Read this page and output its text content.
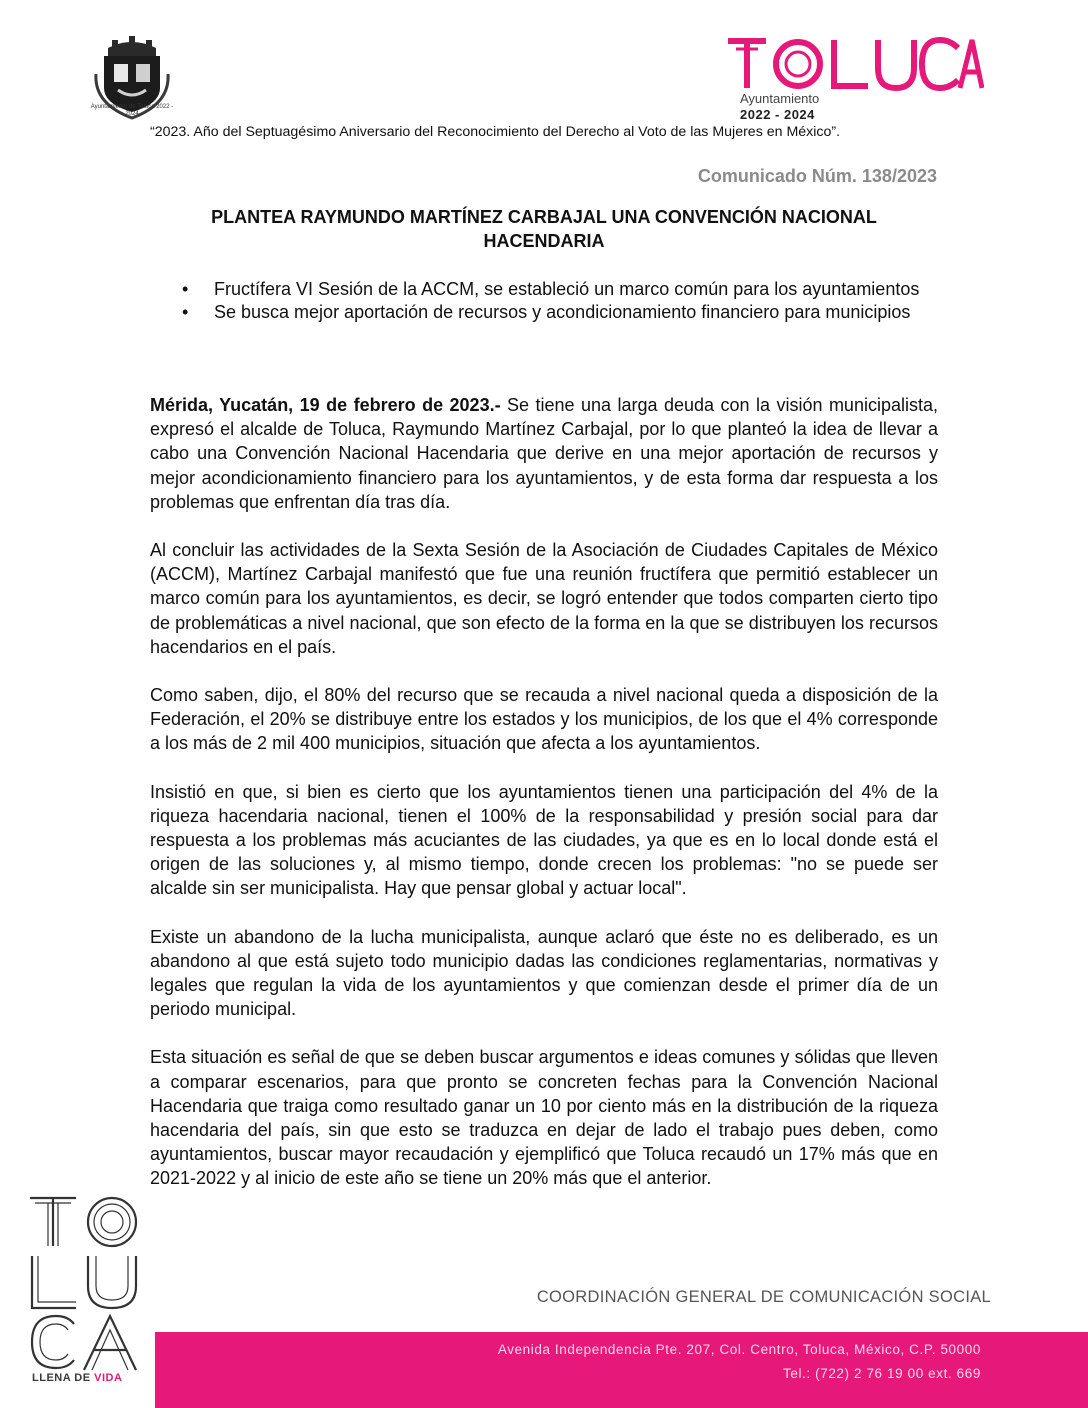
Ayuntamiento de Toluca 2022 - 2024
Ayuntamiento
2022 - 2024
“2023. Año del Septuagésimo Aniversario del Reconocimiento del Derecho al Voto de las Mujeres en México”.
Comunicado Núm. 138/2023
PLANTEA RAYMUNDO MARTÍNEZ CARBAJAL UNA CONVENCIÓN NACIONAL
HACENDARIA
• Fructífera VI Sesión de la ACCM, se estableció un marco común para los ayuntamientos
• Se busca mejor aportación de recursos y acondicionamiento financiero para municipios

Mérida, Yucatán, 19 de febrero de 2023.- Se tiene una larga deuda con la visión municipalista, expresó el alcalde de Toluca, Raymundo Martínez Carbajal, por lo que planteó la idea de llevar a cabo una Convención Nacional Hacendaria que derive en una mejor aportación de recursos y mejor acondicionamiento financiero para los ayuntamientos, y de esta forma dar respuesta a los problemas que enfrentan día tras día.

Al concluir las actividades de la Sexta Sesión de la Asociación de Ciudades Capitales de México (ACCM), Martínez Carbajal manifestó que fue una reunión fructífera que permitió establecer un marco común para los ayuntamientos, es decir, se logró entender que todos comparten cierto tipo de problemáticas a nivel nacional, que son efecto de la forma en la que se distribuyen los recursos hacendarios en el país.

Como saben, dijo, el 80% del recurso que se recauda a nivel nacional queda a disposición de la Federación, el 20% se distribuye entre los estados y los municipios, de los que el 4% corresponde a los más de 2 mil 400 municipios, situación que afecta a los ayuntamientos.

Insistió en que, si bien es cierto que los ayuntamientos tienen una participación del 4% de la riqueza hacendaria nacional, tienen el 100% de la responsabilidad y presión social para dar respuesta a los problemas más acuciantes de las ciudades, ya que es en lo local donde está el origen de las soluciones y, al mismo tiempo, donde crecen los problemas: "no se puede ser alcalde sin ser municipalista. Hay que pensar global y actuar local".

Existe un abandono de la lucha municipalista, aunque aclaró que éste no es deliberado, es un abandono al que está sujeto todo municipio dadas las condiciones reglamentarias, normativas y legales que regulan la vida de los ayuntamientos y que comienzan desde el primer día de un periodo municipal.

Esta situación es señal de que se deben buscar argumentos e ideas comunes y sólidas que lleven a comparar escenarios, para que pronto se concreten fechas para la Convención Nacional Hacendaria que traiga como resultado ganar un 10 por ciento más en la distribución de la riqueza hacendaria del país, sin que esto se traduzca en dejar de lado el trabajo pues deben, como ayuntamientos, buscar mayor recaudación y ejemplificó que Toluca recaudó un 17% más que en 2021-2022 y al inicio de este año se tiene un 20% más que el anterior.

LLENA DE VIDA
COORDINACIÓN GENERAL DE COMUNICACIÓN SOCIAL
Avenida Independencia Pte. 207, Col. Centro, Toluca, México, C.P. 50000
Tel.: (722) 2 76 19 00 ext. 669
